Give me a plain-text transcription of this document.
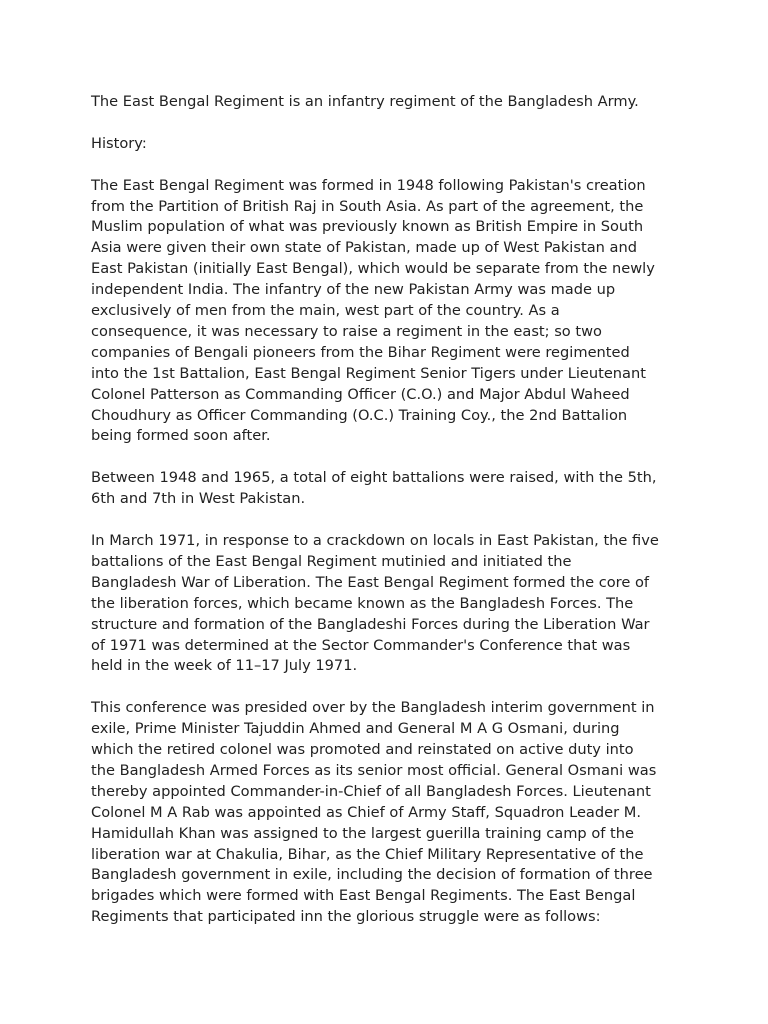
The East Bengal Regiment is an infantry regiment of the Bangladesh Army.

History:

The East Bengal Regiment was formed in 1948 following Pakistan's creation
from the Partition of British Raj in South Asia. As part of the agreement, the
Muslim population of what was previously known as British Empire in South
Asia were given their own state of Pakistan, made up of West Pakistan and
East Pakistan (initially East Bengal), which would be separate from the newly
independent India. The infantry of the new Pakistan Army was made up
exclusively of men from the main, west part of the country. As a
consequence, it was necessary to raise a regiment in the east; so two
companies of Bengali pioneers from the Bihar Regiment were regimented
into the 1st Battalion, East Bengal Regiment Senior Tigers under Lieutenant
Colonel Patterson as Commanding Officer (C.O.) and Major Abdul Waheed
Choudhury as Officer Commanding (O.C.) Training Coy., the 2nd Battalion
being formed soon after.

Between 1948 and 1965, a total of eight battalions were raised, with the 5th,
6th and 7th in West Pakistan.

In March 1971, in response to a crackdown on locals in East Pakistan, the five
battalions of the East Bengal Regiment mutinied and initiated the
Bangladesh War of Liberation. The East Bengal Regiment formed the core of
the liberation forces, which became known as the Bangladesh Forces. The
structure and formation of the Bangladeshi Forces during the Liberation War
of 1971 was determined at the Sector Commander's Conference that was
held in the week of 11–17 July 1971.

This conference was presided over by the Bangladesh interim government in
exile, Prime Minister Tajuddin Ahmed and General M A G Osmani, during
which the retired colonel was promoted and reinstated on active duty into
the Bangladesh Armed Forces as its senior most official. General Osmani was
thereby appointed Commander-in-Chief of all Bangladesh Forces. Lieutenant
Colonel M A Rab was appointed as Chief of Army Staff, Squadron Leader M.
Hamidullah Khan was assigned to the largest guerilla training camp of the
liberation war at Chakulia, Bihar, as the Chief Military Representative of the
Bangladesh government in exile, including the decision of formation of three
brigades which were formed with East Bengal Regiments. The East Bengal
Regiments that participated inn the glorious struggle were as follows:
